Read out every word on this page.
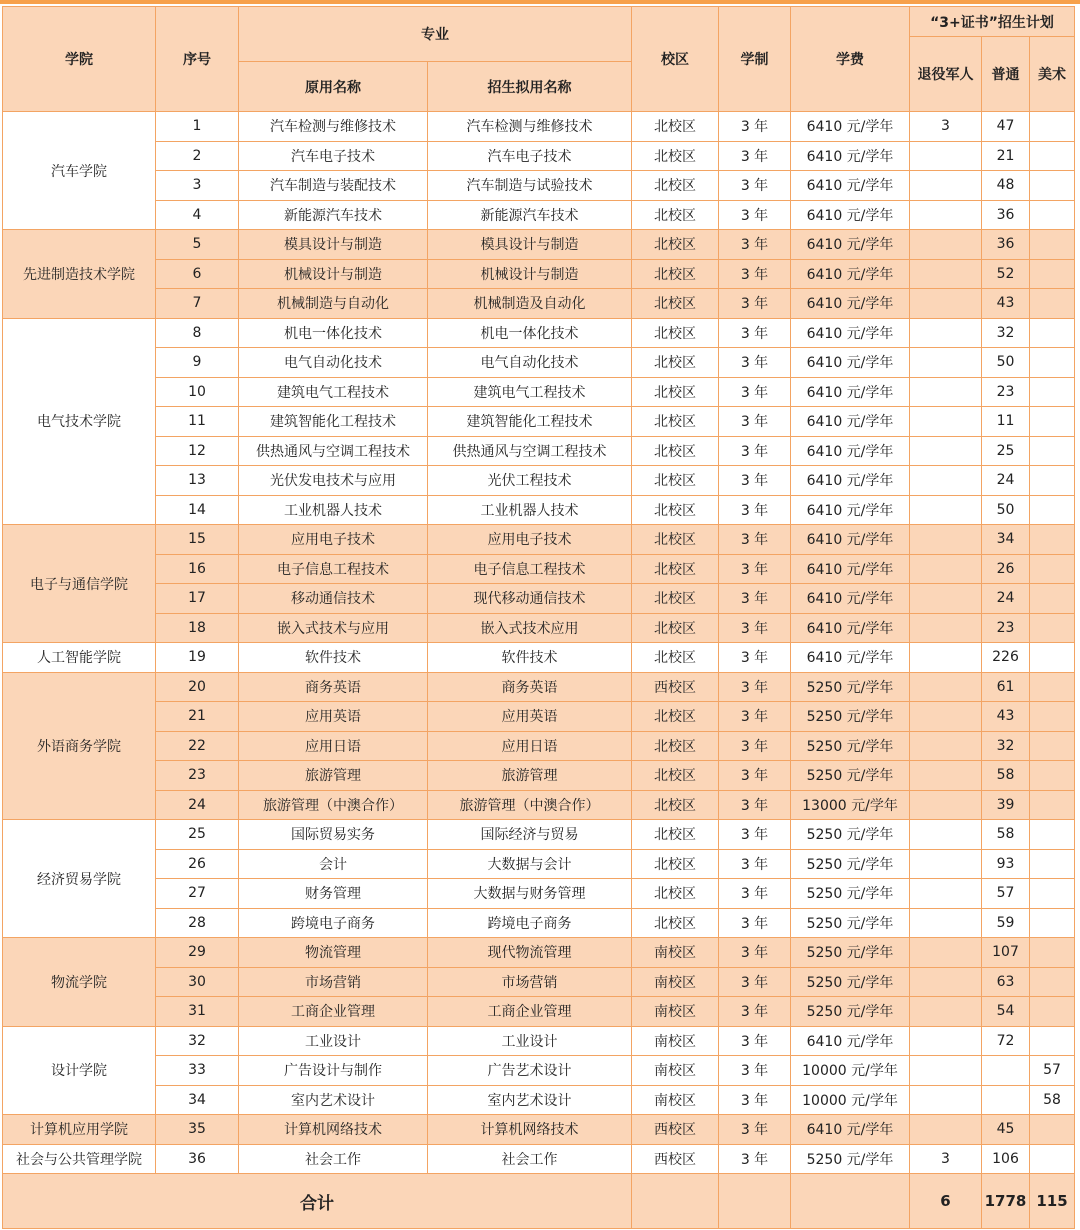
学院	序号	专业		校区	学制	学费	“3+证书”招生计划		
							退役军人	普通	美术
		原用名称	招生拟用名称						
汽车学院	1	汽车检测与维修技术	汽车检测与维修技术	北校区	3 年	6410 元/学年	3	47	
	2	汽车电子技术	汽车电子技术	北校区	3 年	6410 元/学年		21	
	3	汽车制造与装配技术	汽车制造与试验技术	北校区	3 年	6410 元/学年		48	
	4	新能源汽车技术	新能源汽车技术	北校区	3 年	6410 元/学年		36	
先进制造技术学院	5	模具设计与制造	模具设计与制造	北校区	3 年	6410 元/学年		36	
	6	机械设计与制造	机械设计与制造	北校区	3 年	6410 元/学年		52	
	7	机械制造与自动化	机械制造及自动化	北校区	3 年	6410 元/学年		43	
电气技术学院	8	机电一体化技术	机电一体化技术	北校区	3 年	6410 元/学年		32	
	9	电气自动化技术	电气自动化技术	北校区	3 年	6410 元/学年		50	
	10	建筑电气工程技术	建筑电气工程技术	北校区	3 年	6410 元/学年		23	
	11	建筑智能化工程技术	建筑智能化工程技术	北校区	3 年	6410 元/学年		11	
	12	供热通风与空调工程技术	供热通风与空调工程技术	北校区	3 年	6410 元/学年		25	
	13	光伏发电技术与应用	光伏工程技术	北校区	3 年	6410 元/学年		24	
	14	工业机器人技术	工业机器人技术	北校区	3 年	6410 元/学年		50	
电子与通信学院	15	应用电子技术	应用电子技术	北校区	3 年	6410 元/学年		34	
	16	电子信息工程技术	电子信息工程技术	北校区	3 年	6410 元/学年		26	
	17	移动通信技术	现代移动通信技术	北校区	3 年	6410 元/学年		24	
	18	嵌入式技术与应用	嵌入式技术应用	北校区	3 年	6410 元/学年		23	
人工智能学院	19	软件技术	软件技术	北校区	3 年	6410 元/学年		226	
外语商务学院	20	商务英语	商务英语	西校区	3 年	5250 元/学年		61	
	21	应用英语	应用英语	北校区	3 年	5250 元/学年		43	
	22	应用日语	应用日语	北校区	3 年	5250 元/学年		32	
	23	旅游管理	旅游管理	北校区	3 年	5250 元/学年		58	
	24	旅游管理（中澳合作）	旅游管理（中澳合作）	北校区	3 年	13000 元/学年		39	
经济贸易学院	25	国际贸易实务	国际经济与贸易	北校区	3 年	5250 元/学年		58	
	26	会计	大数据与会计	北校区	3 年	5250 元/学年		93	
	27	财务管理	大数据与财务管理	北校区	3 年	5250 元/学年		57	
	28	跨境电子商务	跨境电子商务	北校区	3 年	5250 元/学年		59	
物流学院	29	物流管理	现代物流管理	南校区	3 年	5250 元/学年		107	
	30	市场营销	市场营销	南校区	3 年	5250 元/学年		63	
	31	工商企业管理	工商企业管理	南校区	3 年	5250 元/学年		54	
设计学院	32	工业设计	工业设计	南校区	3 年	6410 元/学年		72	
	33	广告设计与制作	广告艺术设计	南校区	3 年	10000 元/学年			57
	34	室内艺术设计	室内艺术设计	南校区	3 年	10000 元/学年			58
计算机应用学院	35	计算机网络技术	计算机网络技术	西校区	3 年	6410 元/学年		45	
社会与公共管理学院	36	社会工作	社会工作	西校区	3 年	5250 元/学年	3	106	
合计							6	1778	115
